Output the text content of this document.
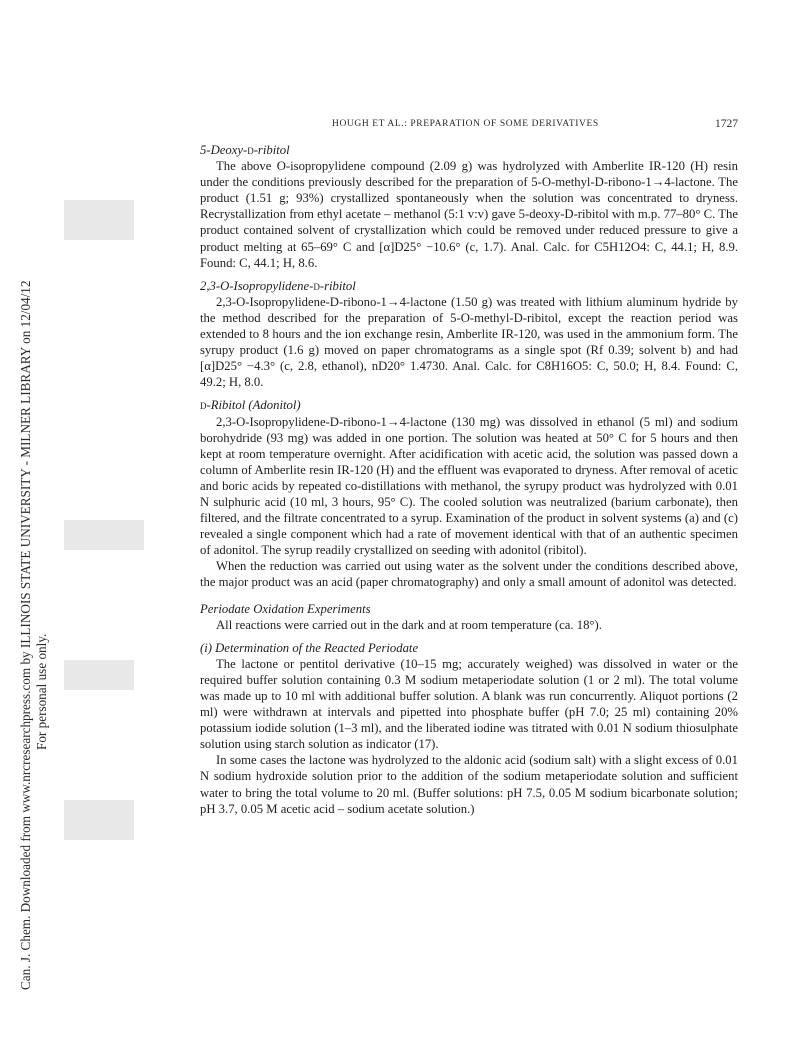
Can. J. Chem. Downloaded from www.nrcresearchpress.com by ILLINOIS STATE UNIVERSITY - MILNER LIBRARY on 12/04/12 For personal use only.
HOUGH ET AL.: PREPARATION OF SOME DERIVATIVES	1727

5-Deoxy-d-ribitol

The above O-isopropylidene compound (2.09 g) was hydrolyzed with Amberlite IR-120 (H) resin under the conditions previously described for the preparation of 5-O-methyl-D-ribono-1→4-lactone. The product (1.51 g; 93%) crystallized spontaneously when the solution was concentrated to dryness. Recrystallization from ethyl acetate – methanol (5:1 v:v) gave 5-deoxy-D-ribitol with m.p. 77–80° C. The product contained solvent of crystallization which could be removed under reduced pressure to give a product melting at 65–69° C and [α]D25° −10.6° (c, 1.7). Anal. Calc. for C5H12O4: C, 44.1; H, 8.9. Found: C, 44.1; H, 8.6.

2,3-O-Isopropylidene-d-ribitol

2,3-O-Isopropylidene-D-ribono-1→4-lactone (1.50 g) was treated with lithium aluminum hydride by the method described for the preparation of 5-O-methyl-D-ribitol, except the reaction period was extended to 8 hours and the ion exchange resin, Amberlite IR-120, was used in the ammonium form. The syrupy product (1.6 g) moved on paper chromatograms as a single spot (Rf 0.39; solvent b) and had [α]D25° −4.3° (c, 2.8, ethanol), nD20° 1.4730. Anal. Calc. for C8H16O5: C, 50.0; H, 8.4. Found: C, 49.2; H, 8.0.

d-Ribitol (Adonitol)

2,3-O-Isopropylidene-D-ribono-1→4-lactone (130 mg) was dissolved in ethanol (5 ml) and sodium borohydride (93 mg) was added in one portion. The solution was heated at 50° C for 5 hours and then kept at room temperature overnight. After acidification with acetic acid, the solution was passed down a column of Amberlite resin IR-120 (H) and the effluent was evaporated to dryness. After removal of acetic and boric acids by repeated co-distillations with methanol, the syrupy product was hydrolyzed with 0.01 N sulphuric acid (10 ml, 3 hours, 95° C). The cooled solution was neutralized (barium carbonate), then filtered, and the filtrate concentrated to a syrup. Examination of the product in solvent systems (a) and (c) revealed a single component which had a rate of movement identical with that of an authentic specimen of adonitol. The syrup readily crystallized on seeding with adonitol (ribitol).

When the reduction was carried out using water as the solvent under the conditions described above, the major product was an acid (paper chromatography) and only a small amount of adonitol was detected.

Periodate Oxidation Experiments

All reactions were carried out in the dark and at room temperature (ca. 18°).

(i) Determination of the Reacted Periodate

The lactone or pentitol derivative (10–15 mg; accurately weighed) was dissolved in water or the required buffer solution containing 0.3 M sodium metaperiodate solution (1 or 2 ml). The total volume was made up to 10 ml with additional buffer solution. A blank was run concurrently. Aliquot portions (2 ml) were withdrawn at intervals and pipetted into phosphate buffer (pH 7.0; 25 ml) containing 20% potassium iodide solution (1–3 ml), and the liberated iodine was titrated with 0.01 N sodium thiosulphate solution using starch solution as indicator (17).

In some cases the lactone was hydrolyzed to the aldonic acid (sodium salt) with a slight excess of 0.01 N sodium hydroxide solution prior to the addition of the sodium metaperiodate solution and sufficient water to bring the total volume to 20 ml. (Buffer solutions: pH 7.5, 0.05 M sodium bicarbonate solution; pH 3.7, 0.05 M acetic acid – sodium acetate solution.)
